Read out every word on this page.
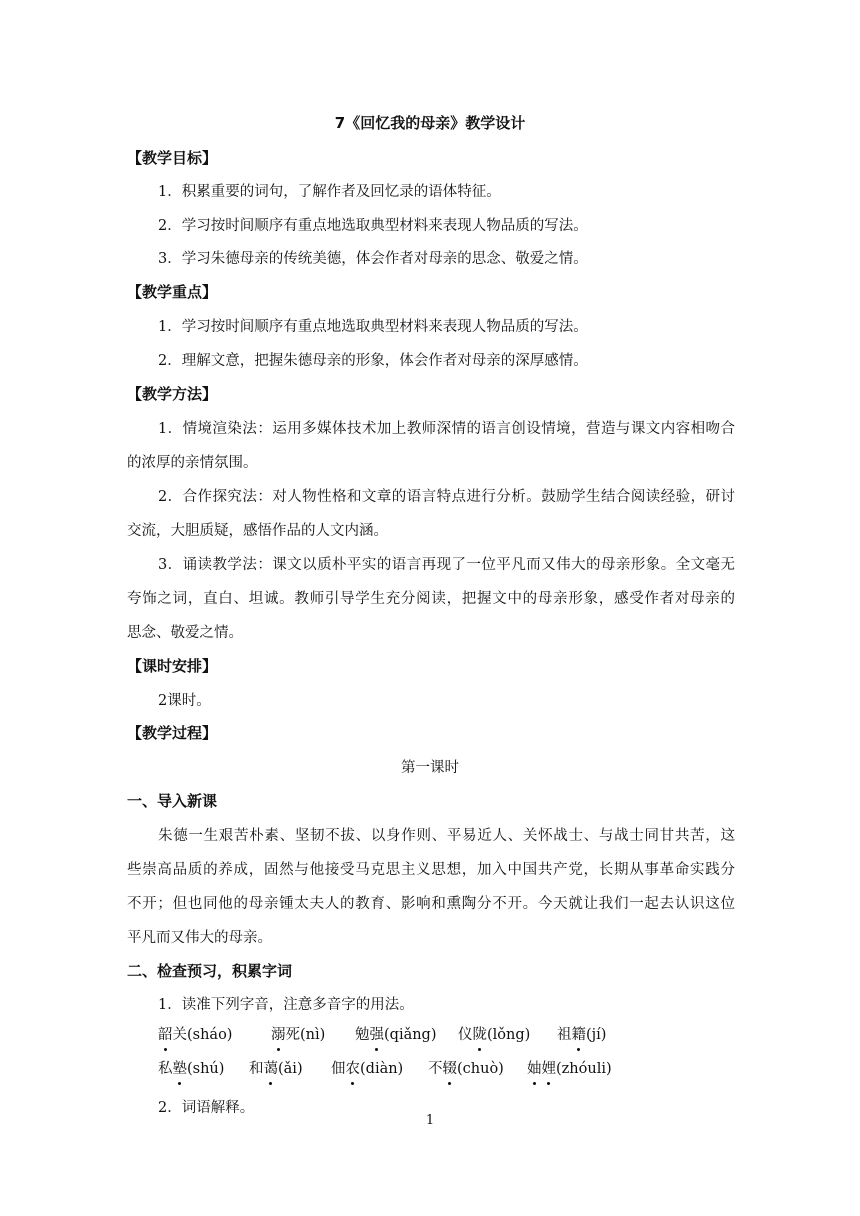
7《回忆我的母亲》教学设计
【教学目标】
1．积累重要的词句，了解作者及回忆录的语体特征。
2．学习按时间顺序有重点地选取典型材料来表现人物品质的写法。
3．学习朱德母亲的传统美德，体会作者对母亲的思念、敬爱之情。
【教学重点】
1．学习按时间顺序有重点地选取典型材料来表现人物品质的写法。
2．理解文意，把握朱德母亲的形象，体会作者对母亲的深厚感情。
【教学方法】
1．情境渲染法：运用多媒体技术加上教师深情的语言创设情境，营造与课文内容相吻合
的浓厚的亲情氛围。
2．合作探究法：对人物性格和文章的语言特点进行分析。鼓励学生结合阅读经验，研讨
交流，大胆质疑，感悟作品的人文内涵。
3．诵读教学法：课文以质朴平实的语言再现了一位平凡而又伟大的母亲形象。全文毫无
夸饰之词，直白、坦诚。教师引导学生充分阅读，把握文中的母亲形象，感受作者对母亲的
思念、敬爱之情。
【课时安排】
2课时。
【教学过程】
第一课时
一、导入新课
朱德一生艰苦朴素、坚韧不拔、以身作则、平易近人、关怀战士、与战士同甘共苦，这
些崇高品质的养成，固然与他接受马克思主义思想，加入中国共产党，长期从事革命实践分
不开；但也同他的母亲锺太夫人的教育、影响和熏陶分不开。今天就让我们一起去认识这位
平凡而又伟大的母亲。
二、检查预习，积累字词
1．读准下列字音，注意多音字的用法。
韶关(sháo)	溺死(nì) 勉强(qiǎng) 仪陇(lǒng) 祖籍(jí)
私塾(shú) 和蔼(ǎi) 佃农(diàn) 不辍(chuò) 妯娌(zhóuli)
2．词语解释。
1
